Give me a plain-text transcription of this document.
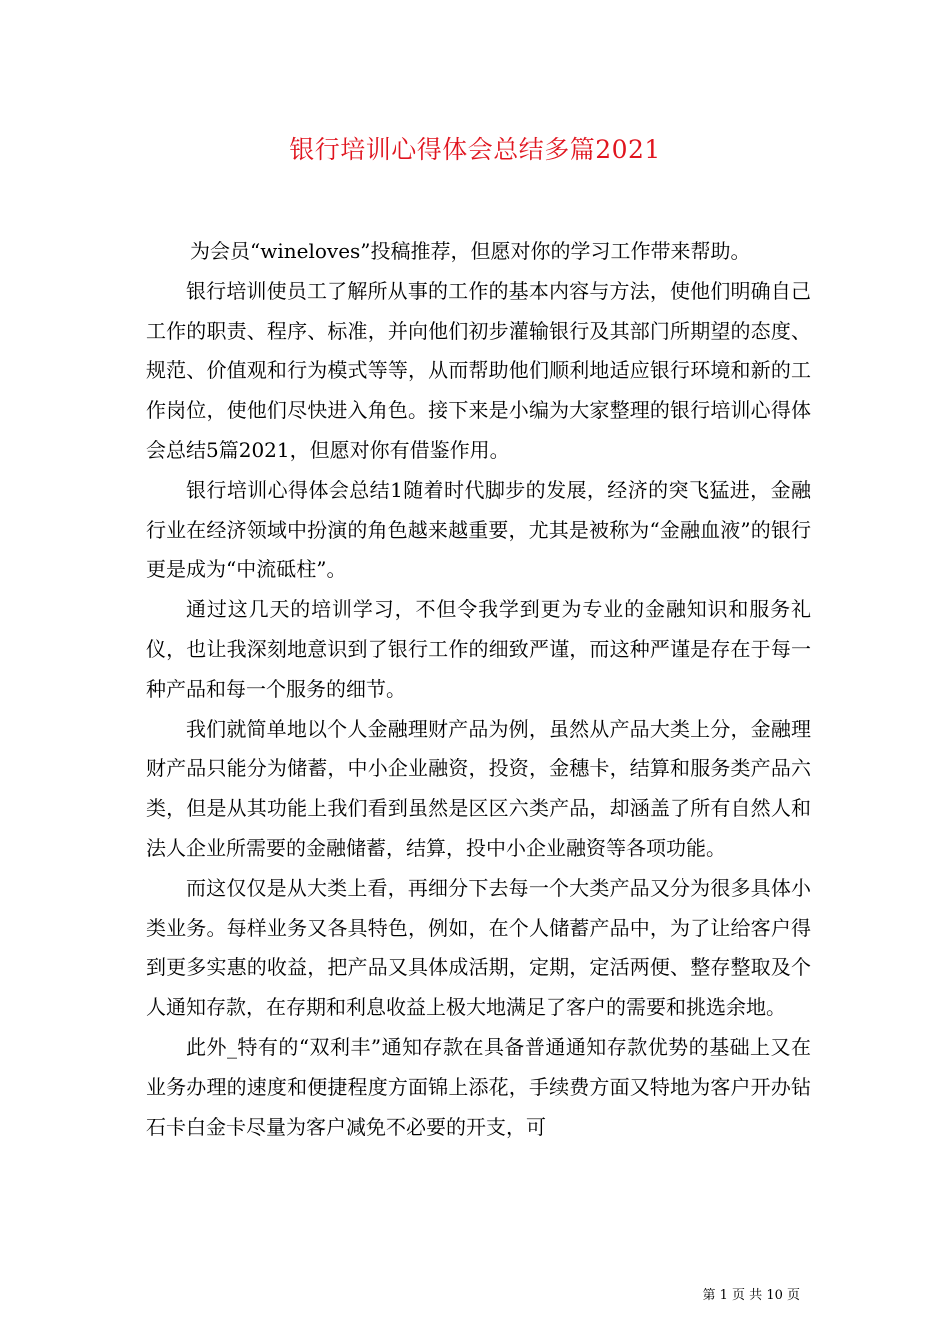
银行培训心得体会总结多篇2021

为会员“wineloves”投稿推荐，但愿对你的学习工作带来帮助。

银行培训使员工了解所从事的工作的基本内容与方法，使他们明确自己工作的职责、程序、标准，并向他们初步灌输银行及其部门所期望的态度、规范、价值观和行为模式等等，从而帮助他们顺利地适应银行环境和新的工作岗位，使他们尽快进入角色。接下来是小编为大家整理的银行培训心得体会总结5篇2021，但愿对你有借鉴作用。

银行培训心得体会总结1随着时代脚步的发展，经济的突飞猛进，金融行业在经济领域中扮演的角色越来越重要，尤其是被称为“金融血液”的银行更是成为“中流砥柱”。

通过这几天的培训学习，不但令我学到更为专业的金融知识和服务礼仪，也让我深刻地意识到了银行工作的细致严谨，而这种严谨是存在于每一种产品和每一个服务的细节。

我们就简单地以个人金融理财产品为例，虽然从产品大类上分，金融理财产品只能分为储蓄，中小企业融资，投资，金穗卡，结算和服务类产品六类，但是从其功能上我们看到虽然是区区六类产品，却涵盖了所有自然人和法人企业所需要的金融储蓄，结算，投中小企业融资等各项功能。

而这仅仅是从大类上看，再细分下去每一个大类产品又分为很多具体小类业务。每样业务又各具特色，例如，在个人储蓄产品中，为了让给客户得到更多实惠的收益，把产品又具体成活期，定期，定活两便、整存整取及个人通知存款，在存期和利息收益上极大地满足了客户的需要和挑选余地。

此外_特有的“双利丰”通知存款在具备普通通知存款优势的基础上又在业务办理的速度和便捷程度方面锦上添花，手续费方面又特地为客户开办钻石卡白金卡尽量为客户减免不必要的开支，可

第 1 页 共 10 页
